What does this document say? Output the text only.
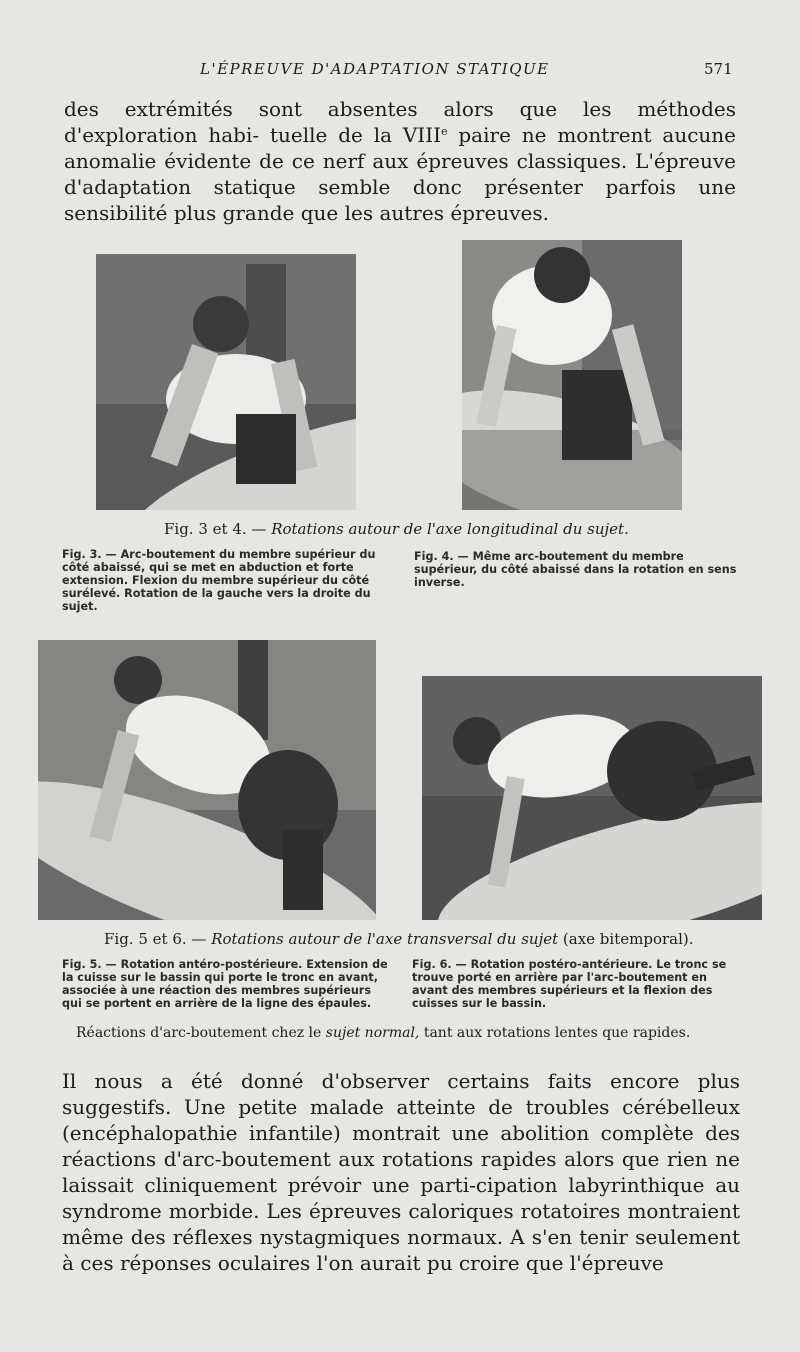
L'ÉPREUVE D'ADAPTATION STATIQUE	571
des extrémités sont absentes alors que les méthodes d'exploration habi- tuelle de la VIIIe paire ne montrent aucune anomalie évidente de ce nerf aux épreuves classiques. L'épreuve d'adaptation statique semble donc présenter parfois une sensibilité plus grande que les autres épreuves.
Fig. 3 et 4. — Rotations autour de l'axe longitudinal du sujet.
Fig. 3. — Arc-boutement du membre supérieur du côté abaissé, qui se met en abduction et forte extension. Flexion du membre supérieur du côté surélevé. Rotation de la gauche vers la droite du sujet.
Fig. 4. — Même arc-boutement du membre supérieur, du côté abaissé dans la rotation en sens inverse.
Fig. 5 et 6. — Rotations autour de l'axe transversal du sujet (axe bitemporal).
Fig. 5. — Rotation antéro-postérieure. Extension de la cuisse sur le bassin qui porte le tronc en avant, associée à une réaction des membres supérieurs qui se portent en arrière de la ligne des épaules.
Fig. 6. — Rotation postéro-antérieure. Le tronc se trouve porté en arrière par l'arc-boutement en avant des membres supérieurs et la flexion des cuisses sur le bassin.
Réactions d'arc-boutement chez le sujet normal, tant aux rotations lentes que rapides.
Il nous a été donné d'observer certains faits encore plus suggestifs. Une petite malade atteinte de troubles cérébelleux (encéphalopathie infantile) montrait une abolition complète des réactions d'arc-boutement aux rotations rapides alors que rien ne laissait cliniquement prévoir une parti-cipation labyrinthique au syndrome morbide. Les épreuves caloriques rotatoires montraient même des réflexes nystagmiques normaux. A s'en tenir seulement à ces réponses oculaires l'on aurait pu croire que l'épreuve
